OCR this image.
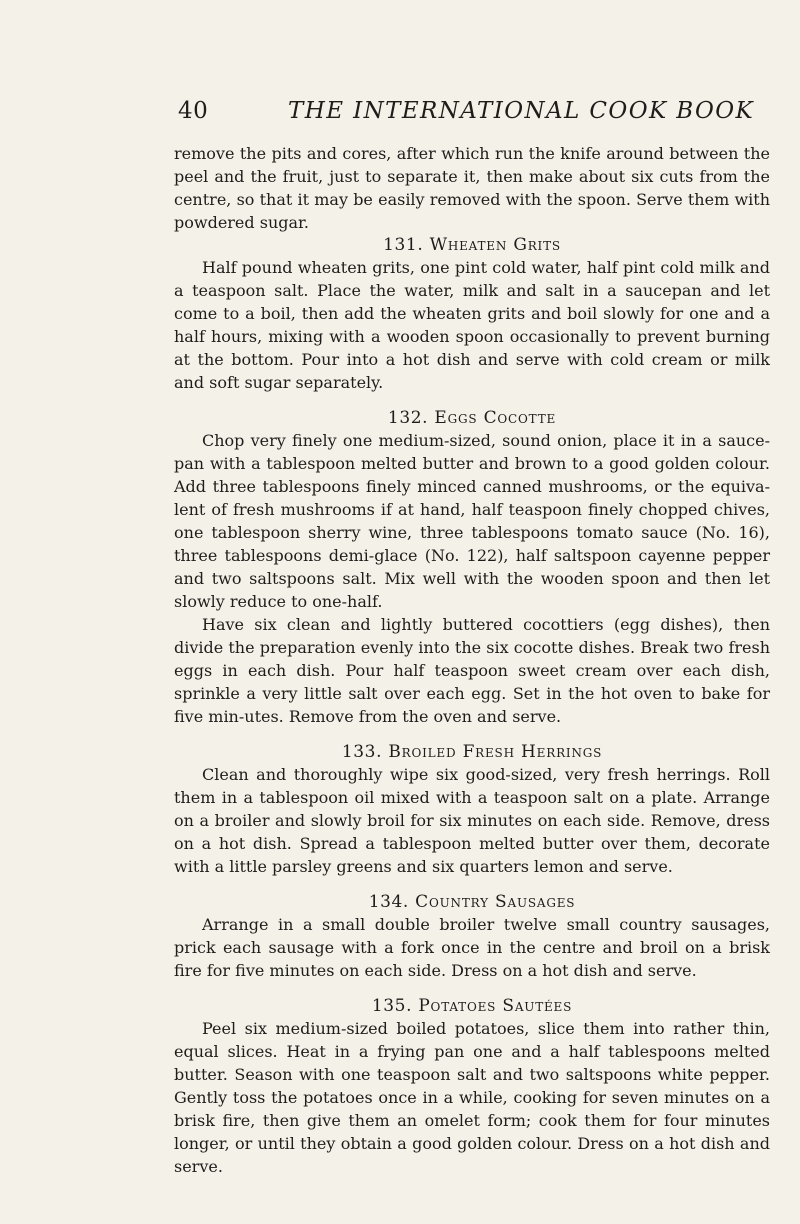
40	THE INTERNATIONAL COOK BOOK

remove the pits and cores, after which run the knife around between the peel and the fruit, just to separate it, then make about six cuts from the centre, so that it may be easily removed with the spoon. Serve them with powdered sugar.

131. Wheaten Grits

Half pound wheaten grits, one pint cold water, half pint cold milk and a teaspoon salt. Place the water, milk and salt in a saucepan and let come to a boil, then add the wheaten grits and boil slowly for one and a half hours, mixing with a wooden spoon occasionally to prevent burning at the bottom. Pour into a hot dish and serve with cold cream or milk and soft sugar separately.

132. Eggs Cocotte

Chop very finely one medium-sized, sound onion, place it in a sauce-pan with a tablespoon melted butter and brown to a good golden colour. Add three tablespoons finely minced canned mushrooms, or the equiva-lent of fresh mushrooms if at hand, half teaspoon finely chopped chives, one tablespoon sherry wine, three tablespoons tomato sauce (No. 16), three tablespoons demi-glace (No. 122), half saltspoon cayenne pepper and two saltspoons salt. Mix well with the wooden spoon and then let slowly reduce to one-half.

Have six clean and lightly buttered cocottiers (egg dishes), then divide the preparation evenly into the six cocotte dishes. Break two fresh eggs in each dish. Pour half teaspoon sweet cream over each dish, sprinkle a very little salt over each egg. Set in the hot oven to bake for five min-utes. Remove from the oven and serve.

133. Broiled Fresh Herrings

Clean and thoroughly wipe six good-sized, very fresh herrings. Roll them in a tablespoon oil mixed with a teaspoon salt on a plate. Arrange on a broiler and slowly broil for six minutes on each side. Remove, dress on a hot dish. Spread a tablespoon melted butter over them, decorate with a little parsley greens and six quarters lemon and serve.

134. Country Sausages

Arrange in a small double broiler twelve small country sausages, prick each sausage with a fork once in the centre and broil on a brisk fire for five minutes on each side. Dress on a hot dish and serve.

135. Potatoes Sautées

Peel six medium-sized boiled potatoes, slice them into rather thin, equal slices. Heat in a frying pan one and a half tablespoons melted butter. Season with one teaspoon salt and two saltspoons white pepper. Gently toss the potatoes once in a while, cooking for seven minutes on a brisk fire, then give them an omelet form; cook them for four minutes longer, or until they obtain a good golden colour. Dress on a hot dish and serve.
